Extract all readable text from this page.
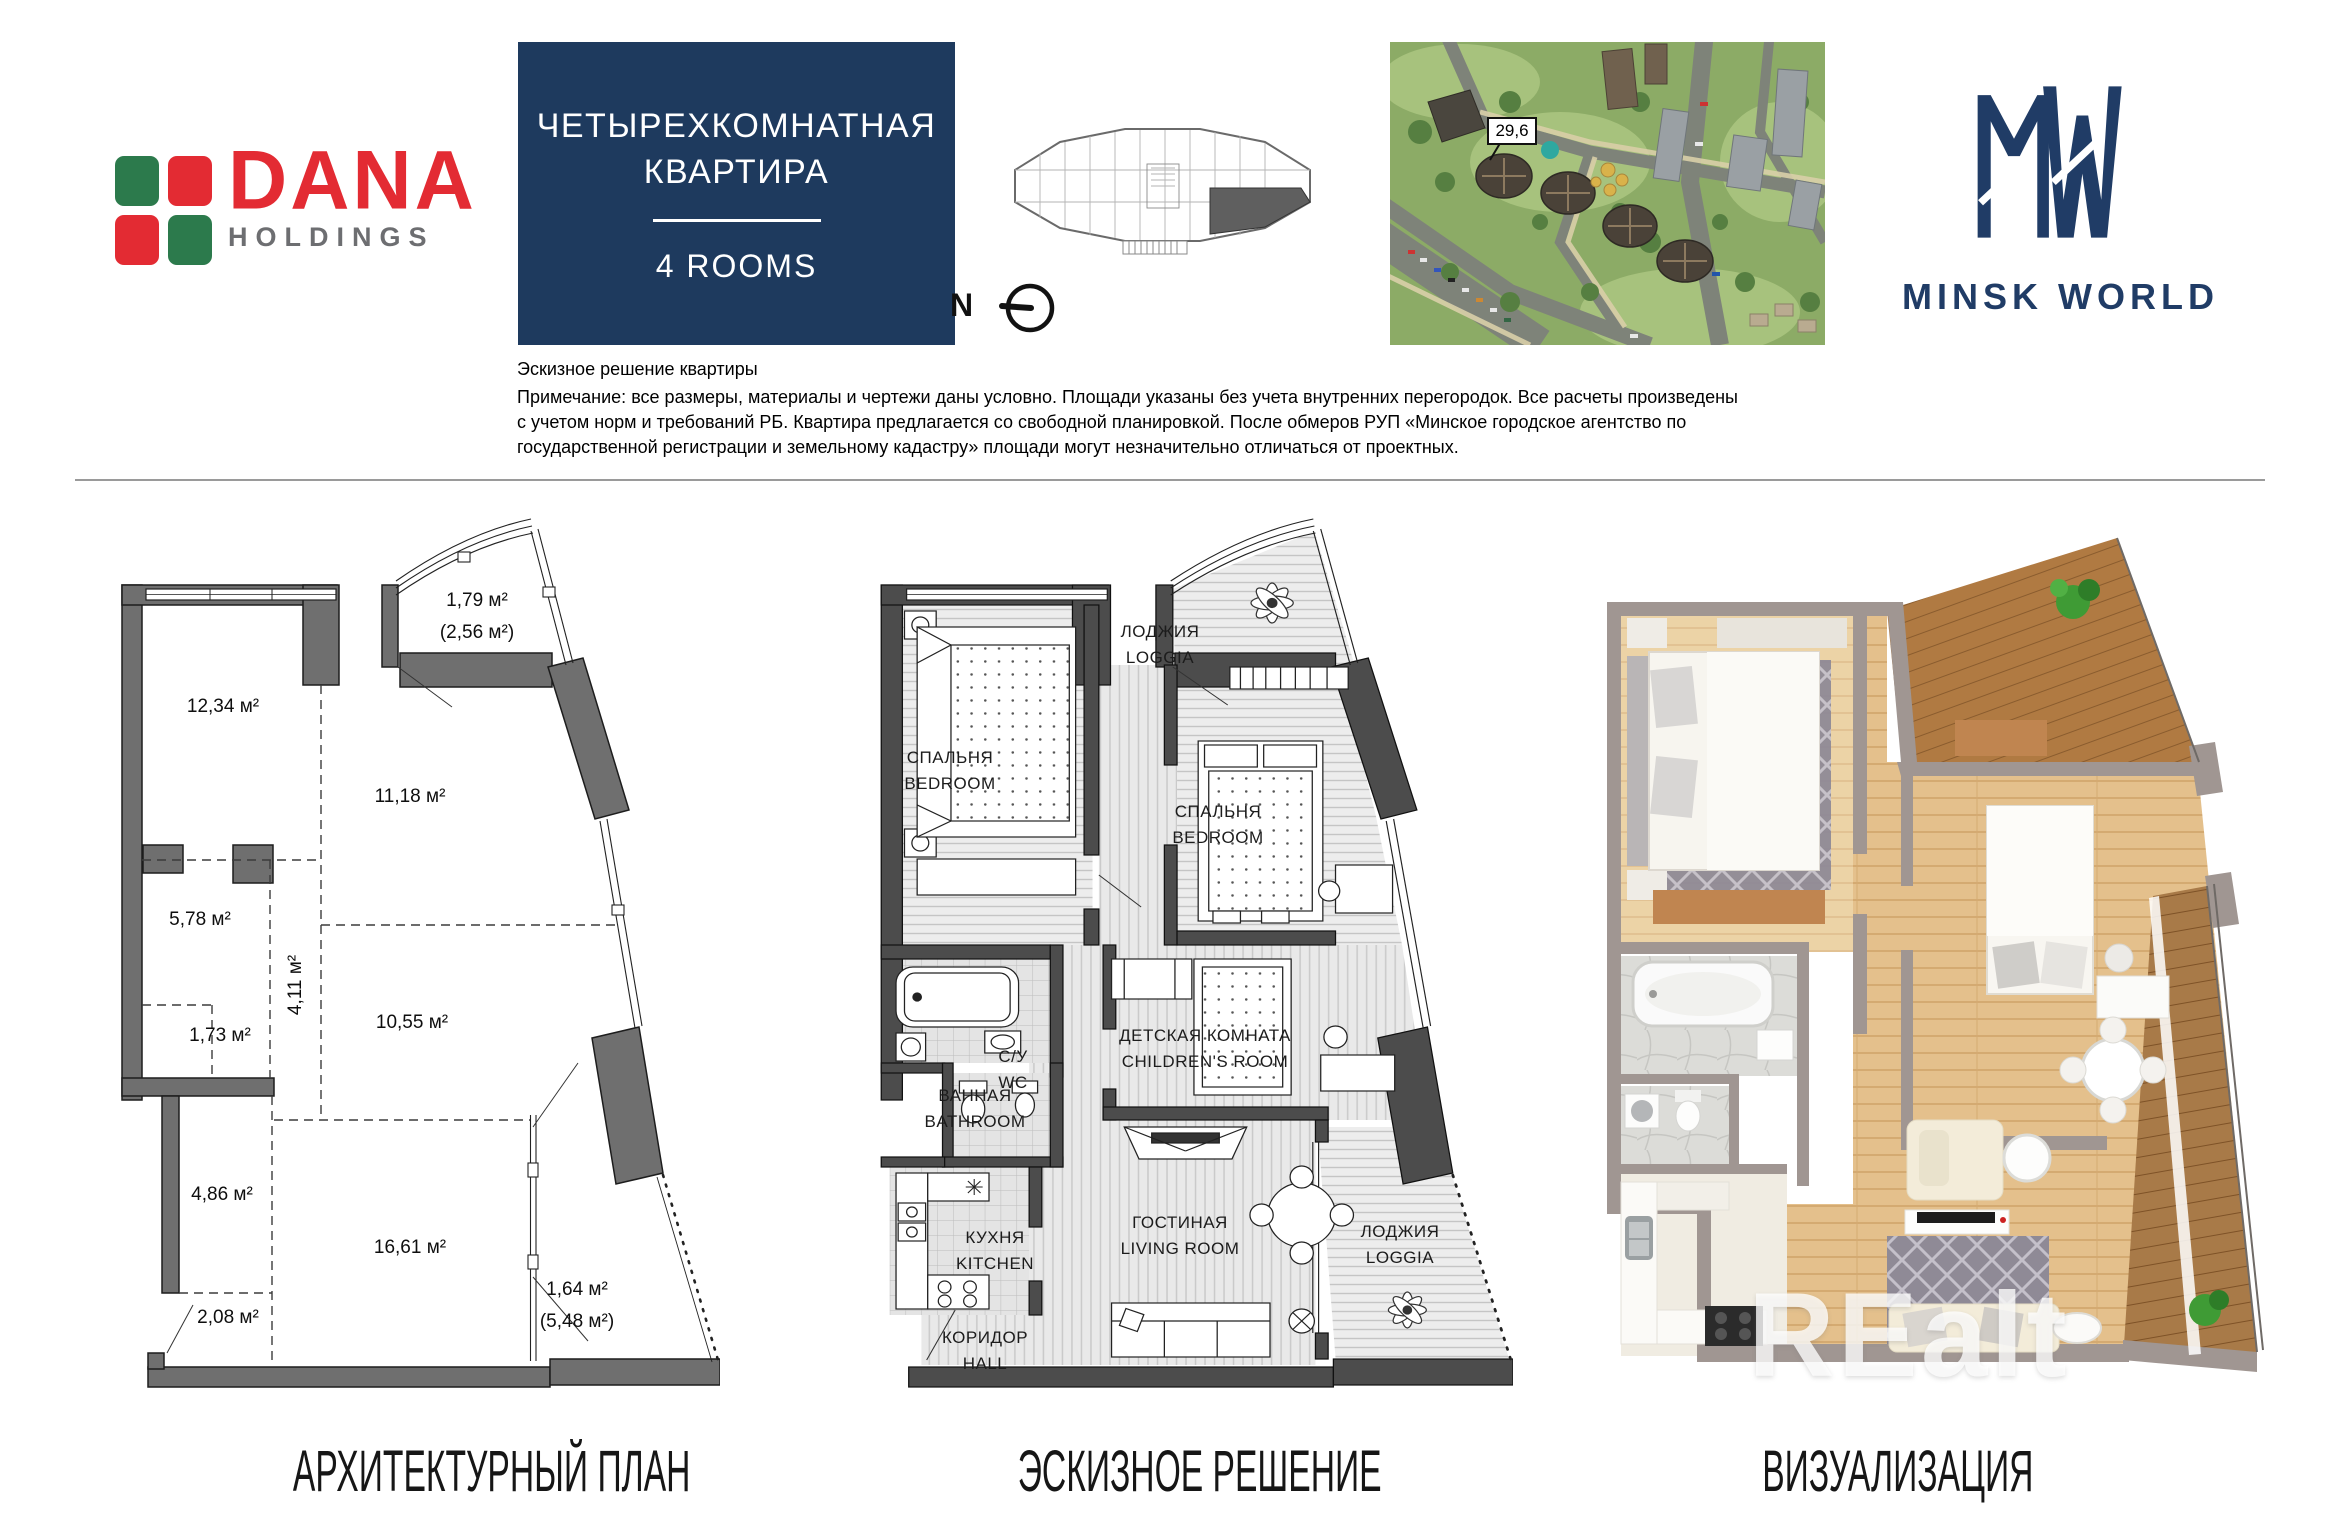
DANA
HOLDINGS
ЧЕТЫРЕХКОМНАТНАЯ
КВАРТИРА
4 ROOMS
N
29,6
MINSK WORLD
Эскизное решение квартиры
Примечание: все размеры, материалы и чертежи даны условно. Площади указаны без учета внутренних перегородок. Все расчеты произведены
с учетом норм и требований РБ. Квартира предлагается со свободной планировкой. После обмеров РУП «Минское городское агентство по
государственной регистрации и земельному кадастру» площади могут незначительно отличаться от проектных.
12,34 м²
1,79 м²
(2,56 м²)
11,18 м²
5,78 м²
4,11 м²
1,73 м²
10,55 м²
4,86 м²
16,61 м²
2,08 м²
1,64 м²
(5,48 м²)
ЛОДЖИЯ
LOGGIA
СПАЛЬНЯ
BEDROOM
СПАЛЬНЯ
BEDROOM
ВАННАЯ
BATHROOM
С/У
WC
КУХНЯ
KITCHEN
ДЕТСКАЯ КОМНАТА
CHILDREN'S ROOM
ГОСТИНАЯ
LIVING ROOM
ЛОДЖИЯ
LOGGIA
КОРИДОР
HALL	REalt
АРХИТЕКТУРНЫЙ ПЛАН	ЭСКИЗНОЕ РЕШЕНИЕ	ВИЗУАЛИЗАЦИЯ
